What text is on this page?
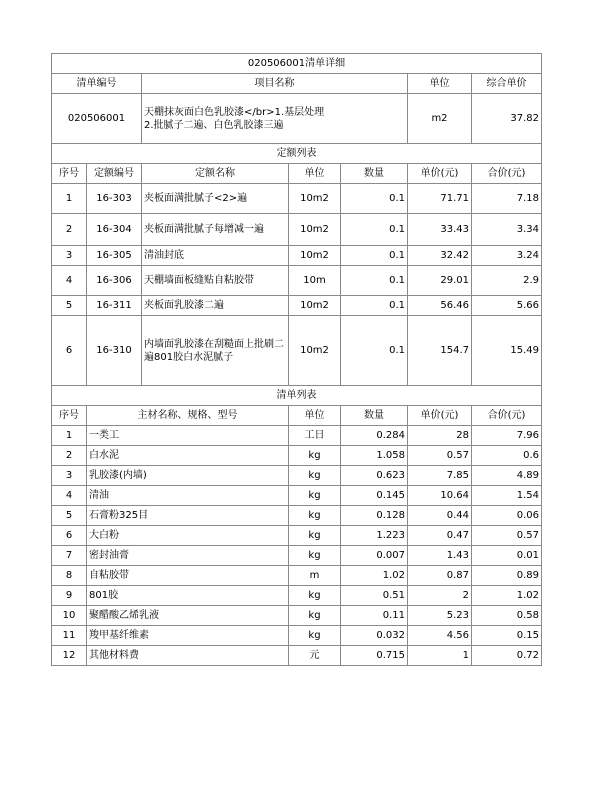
020506001清单详细						
清单编号		项目名称			单位	综合单价
020506001		天棚抹灰面白色乳胶漆</br>1.基层处理
2.批腻子二遍、白色乳胶漆三遍			m2	37.82
定额列表						
序号	定额编号	定额名称	单位	数量	单价(元)	合价(元)
1	16-303	夹板面满批腻子<2>遍	10m2	0.1	71.71	7.18
2	16-304	夹板面满批腻子每增减一遍	10m2	0.1	33.43	3.34
3	16-305	清油封底	10m2	0.1	32.42	3.24
4	16-306	天棚墙面板缝贴自粘胶带	10m	0.1	29.01	2.9
5	16-311	夹板面乳胶漆二遍	10m2	0.1	56.46	5.66
6	16-310	内墙面乳胶漆在刮糙面上批刷二遍801胶白水泥腻子	10m2	0.1	154.7	15.49
清单列表						
序号	主材名称、规格、型号		单位	数量	单价(元)	合价(元)
1	一类工		工日	0.284	28	7.96
2	白水泥		kg	1.058	0.57	0.6
3	乳胶漆(内墙)		kg	0.623	7.85	4.89
4	清油		kg	0.145	10.64	1.54
5	石膏粉325目		kg	0.128	0.44	0.06
6	大白粉		kg	1.223	0.47	0.57
7	密封油膏		kg	0.007	1.43	0.01
8	自粘胶带		m	1.02	0.87	0.89
9	801胶		kg	0.51	2	1.02
10	聚醋酸乙烯乳液		kg	0.11	5.23	0.58
11	羧甲基纤维素		kg	0.032	4.56	0.15
12	其他材料费		元	0.715	1	0.72
